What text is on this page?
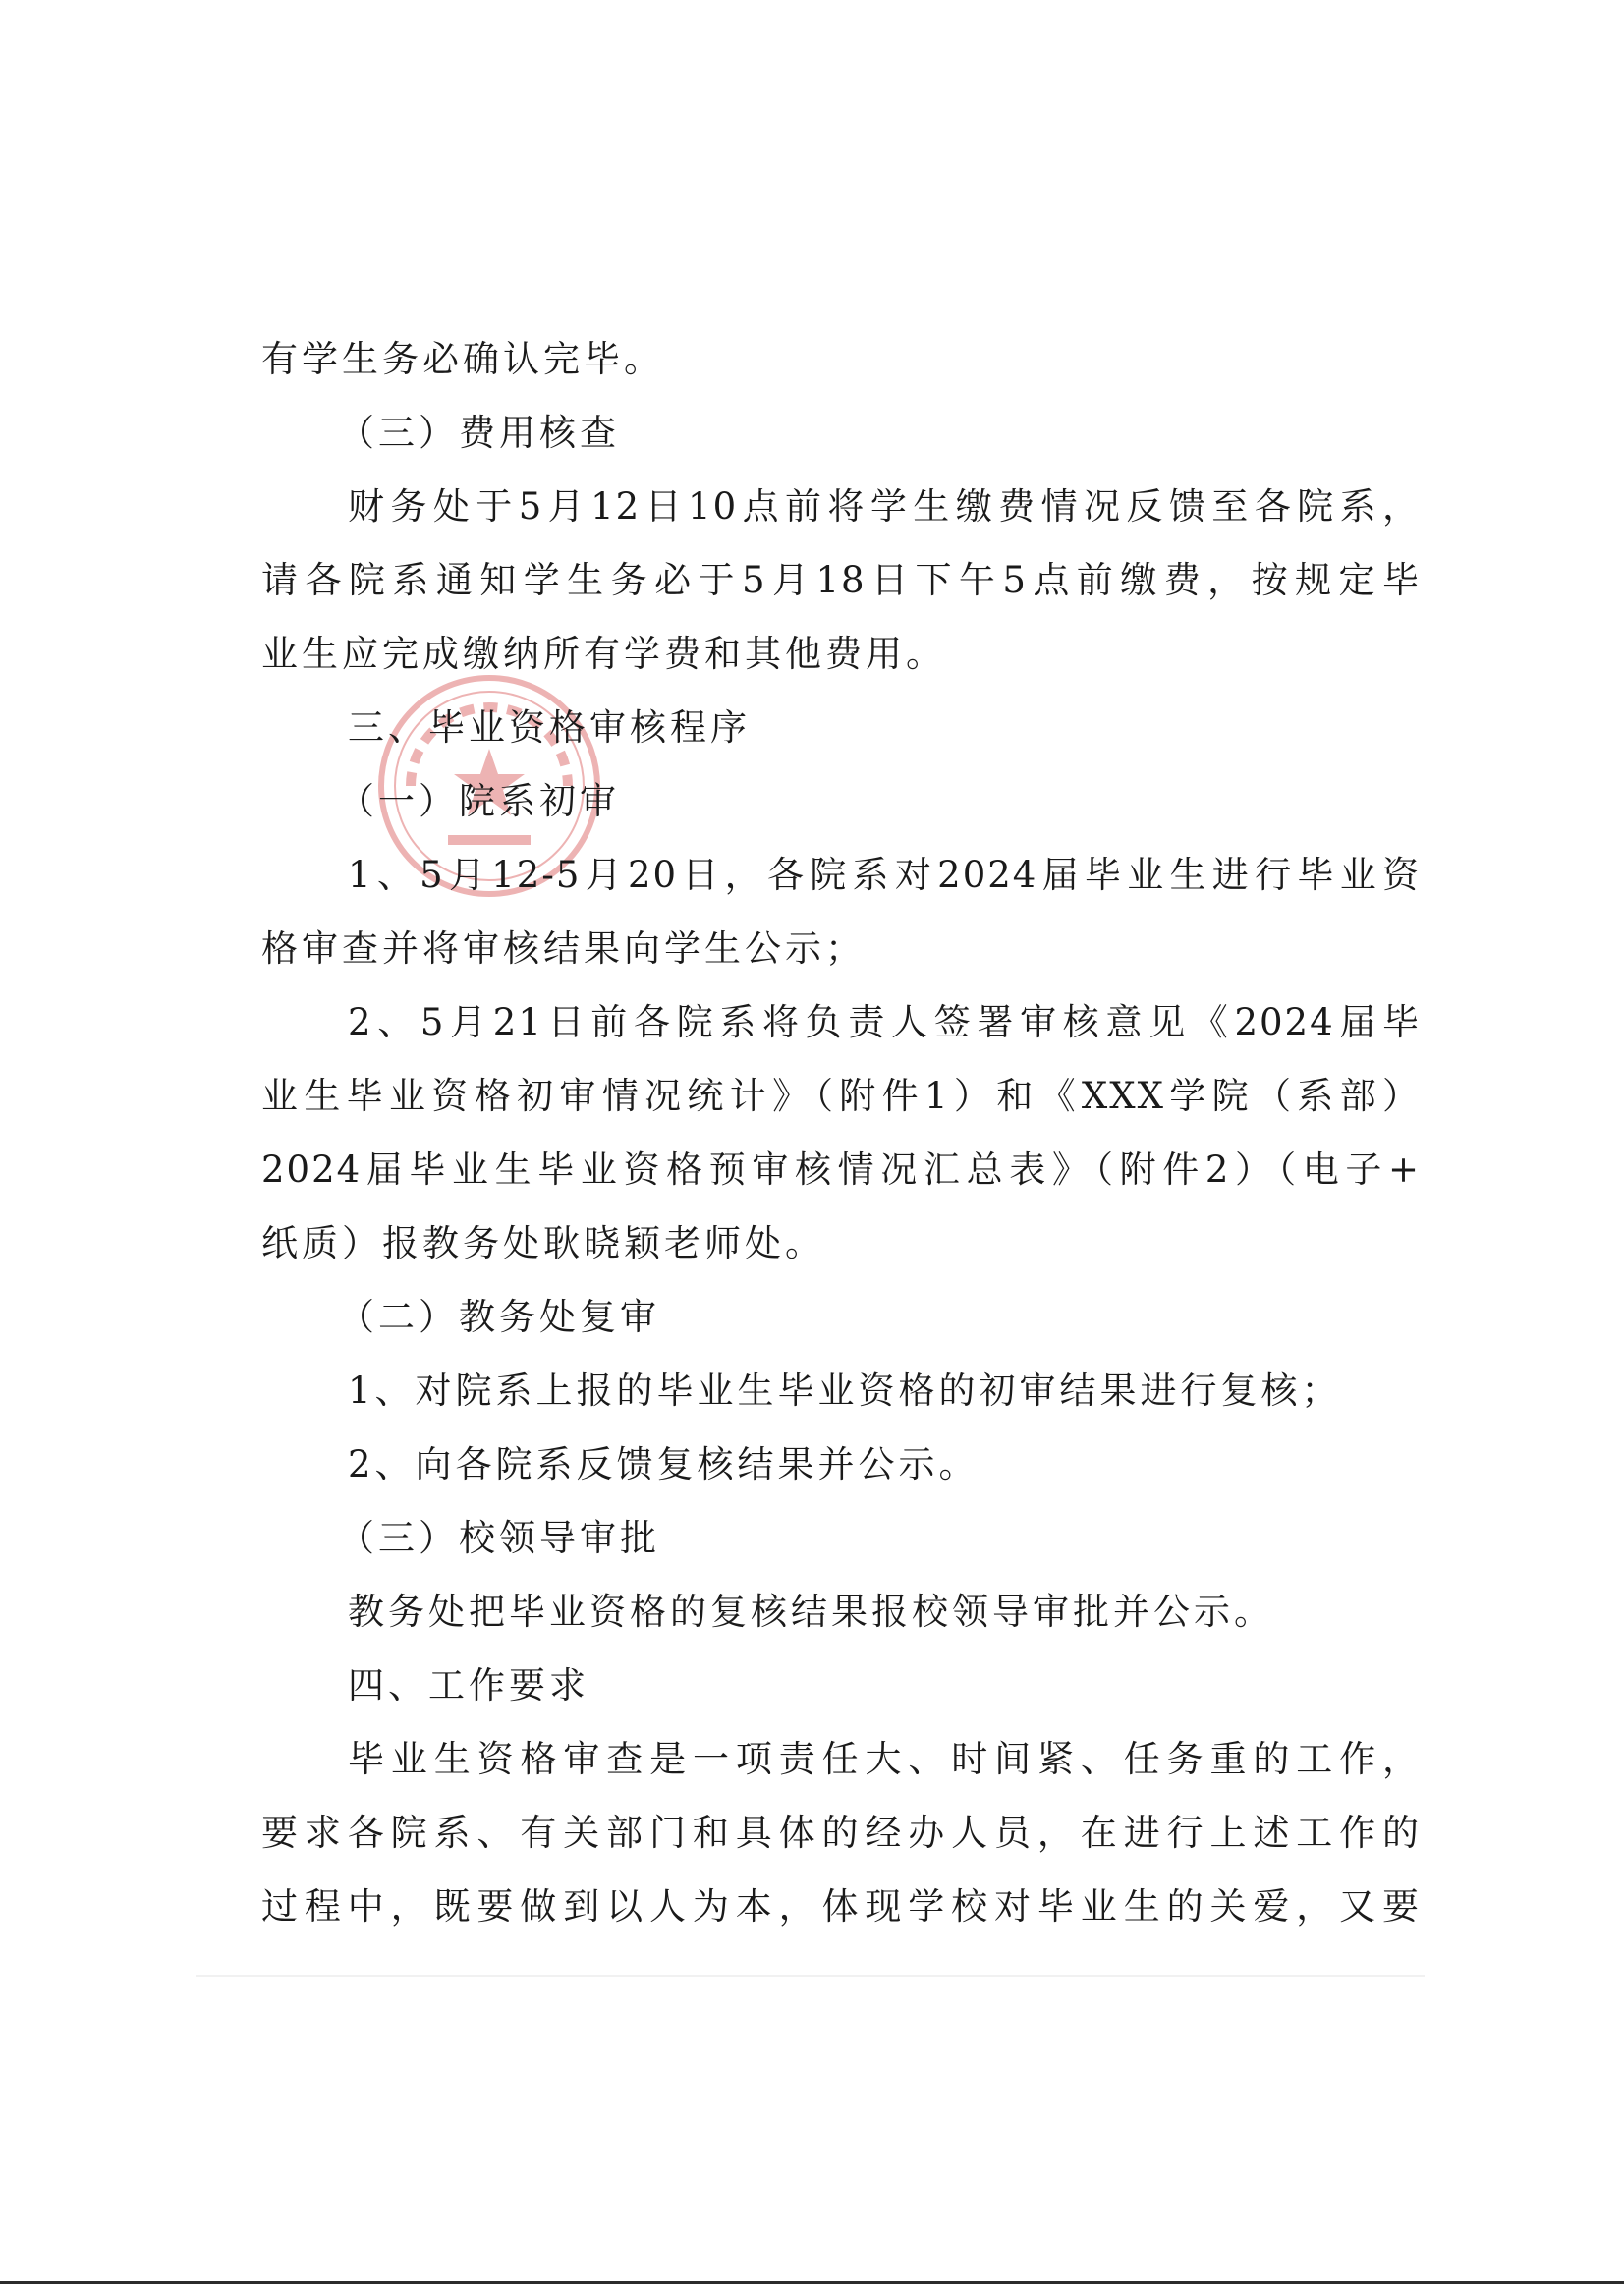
有学生务必确认完毕。
（三）费用核查
财务处于5月12日10点前将学生缴费情况反馈至各院系，
请各院系通知学生务必于5月18日下午5点前缴费，按规定毕
业生应完成缴纳所有学费和其他费用。
三、毕业资格审核程序
（一）院系初审
1、5月12-5月20日，各院系对2024届毕业生进行毕业资
格审查并将审核结果向学生公示；
2、5月21日前各院系将负责人签署审核意见《2024届毕
业生毕业资格初审情况统计》（附件1）和《XXX学院（系部）
2024届毕业生毕业资格预审核情况汇总表》（附件2）（电子+
纸质）报教务处耿晓颖老师处。
（二）教务处复审
1、对院系上报的毕业生毕业资格的初审结果进行复核；
2、向各院系反馈复核结果并公示。
（三）校领导审批
教务处把毕业资格的复核结果报校领导审批并公示。
四、工作要求
毕业生资格审查是一项责任大、时间紧、任务重的工作，
要求各院系、有关部门和具体的经办人员，在进行上述工作的
过程中，既要做到以人为本，体现学校对毕业生的关爱，又要
